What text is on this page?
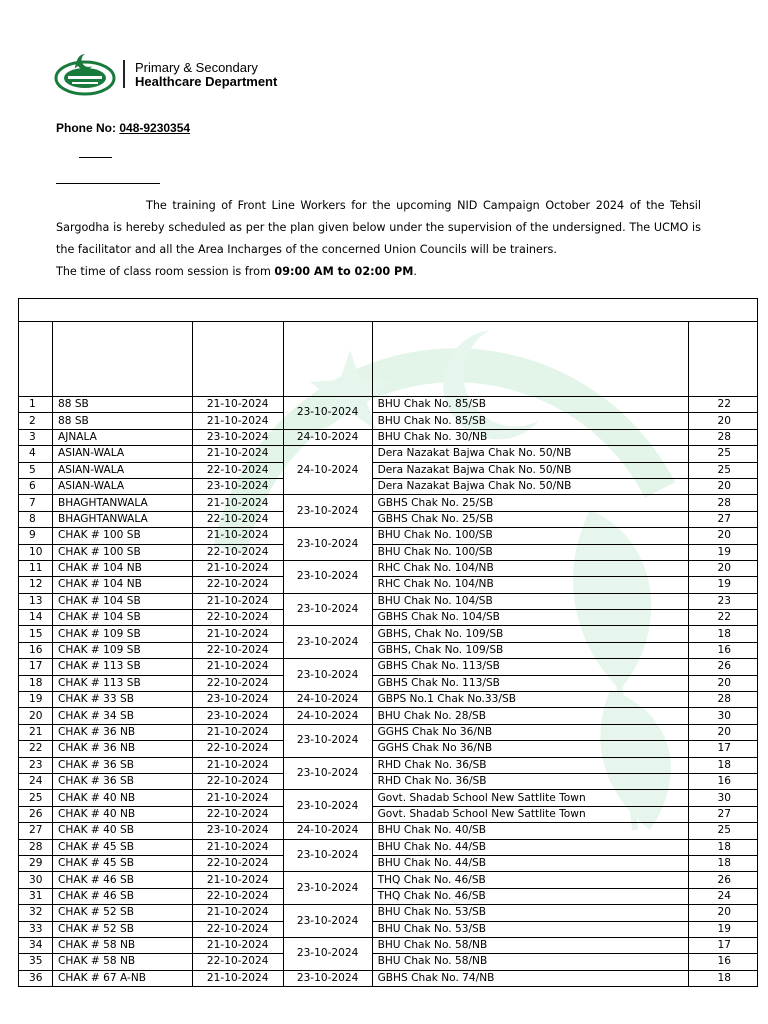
Primary & Secondary
Healthcare Department
Phone No: 048-9230354

The training of Front Line Workers for the upcoming NID Campaign October 2024 of the Tehsil Sargodha is hereby scheduled as per the plan given below under the supervision of the undersigned. The UCMO is the facilitator and all the Area Incharges of the concerned Union Councils will be trainers.

The time of class room session is from 09:00 AM to 02:00 PM.

1	88 SB	21-10-2024	23-10-2024	BHU Chak No. 85/SB	22
2	88 SB	21-10-2024		BHU Chak No. 85/SB	20
3	AJNALA	23-10-2024	24-10-2024	BHU Chak No. 30/NB	28
4	ASIAN-WALA	21-10-2024	24-10-2024	Dera Nazakat Bajwa Chak No. 50/NB	25
5	ASIAN-WALA	22-10-2024		Dera Nazakat Bajwa Chak No. 50/NB	25
6	ASIAN-WALA	23-10-2024		Dera Nazakat Bajwa Chak No. 50/NB	20
7	BHAGHTANWALA	21-10-2024	23-10-2024	GBHS Chak No. 25/SB	28
8	BHAGHTANWALA	22-10-2024		GBHS Chak No. 25/SB	27
9	CHAK # 100 SB	21-10-2024	23-10-2024	BHU Chak No. 100/SB	20
10	CHAK # 100 SB	22-10-2024		BHU Chak No. 100/SB	19
11	CHAK # 104 NB	21-10-2024	23-10-2024	RHC Chak No. 104/NB	20
12	CHAK # 104 NB	22-10-2024		RHC Chak No. 104/NB	19
13	CHAK # 104 SB	21-10-2024	23-10-2024	BHU Chak No. 104/SB	23
14	CHAK # 104 SB	22-10-2024		GBHS Chak No. 104/SB	22
15	CHAK # 109 SB	21-10-2024	23-10-2024	GBHS, Chak No. 109/SB	18
16	CHAK # 109 SB	22-10-2024		GBHS, Chak No. 109/SB	16
17	CHAK # 113 SB	21-10-2024	23-10-2024	GBHS Chak No. 113/SB	26
18	CHAK # 113 SB	22-10-2024		GBHS Chak No. 113/SB	20
19	CHAK # 33 SB	23-10-2024	24-10-2024	GBPS No.1 Chak No.33/SB	28
20	CHAK # 34 SB	23-10-2024	24-10-2024	BHU Chak No. 28/SB	30
21	CHAK # 36 NB	21-10-2024	23-10-2024	GGHS Chak No 36/NB	20
22	CHAK # 36 NB	22-10-2024		GGHS Chak No 36/NB	17
23	CHAK # 36 SB	21-10-2024	23-10-2024	RHD Chak No. 36/SB	18
24	CHAK # 36 SB	22-10-2024		RHD Chak No. 36/SB	16
25	CHAK # 40 NB	21-10-2024	23-10-2024	Govt. Shadab School New Sattlite Town	30
26	CHAK # 40 NB	22-10-2024		Govt. Shadab School New Sattlite Town	27
27	CHAK # 40 SB	23-10-2024	24-10-2024	BHU Chak No. 40/SB	25
28	CHAK # 45 SB	21-10-2024	23-10-2024	BHU Chak No. 44/SB	18
29	CHAK # 45 SB	22-10-2024		BHU Chak No. 44/SB	18
30	CHAK # 46 SB	21-10-2024	23-10-2024	THQ Chak No. 46/SB	26
31	CHAK # 46 SB	22-10-2024		THQ Chak No. 46/SB	24
32	CHAK # 52 SB	21-10-2024	23-10-2024	BHU Chak No. 53/SB	20
33	CHAK # 52 SB	22-10-2024		BHU Chak No. 53/SB	19
34	CHAK # 58 NB	21-10-2024	23-10-2024	BHU Chak No. 58/NB	17
35	CHAK # 58 NB	22-10-2024		BHU Chak No. 58/NB	16
36	CHAK # 67 A-NB	21-10-2024	23-10-2024	GBHS Chak No. 74/NB	18
